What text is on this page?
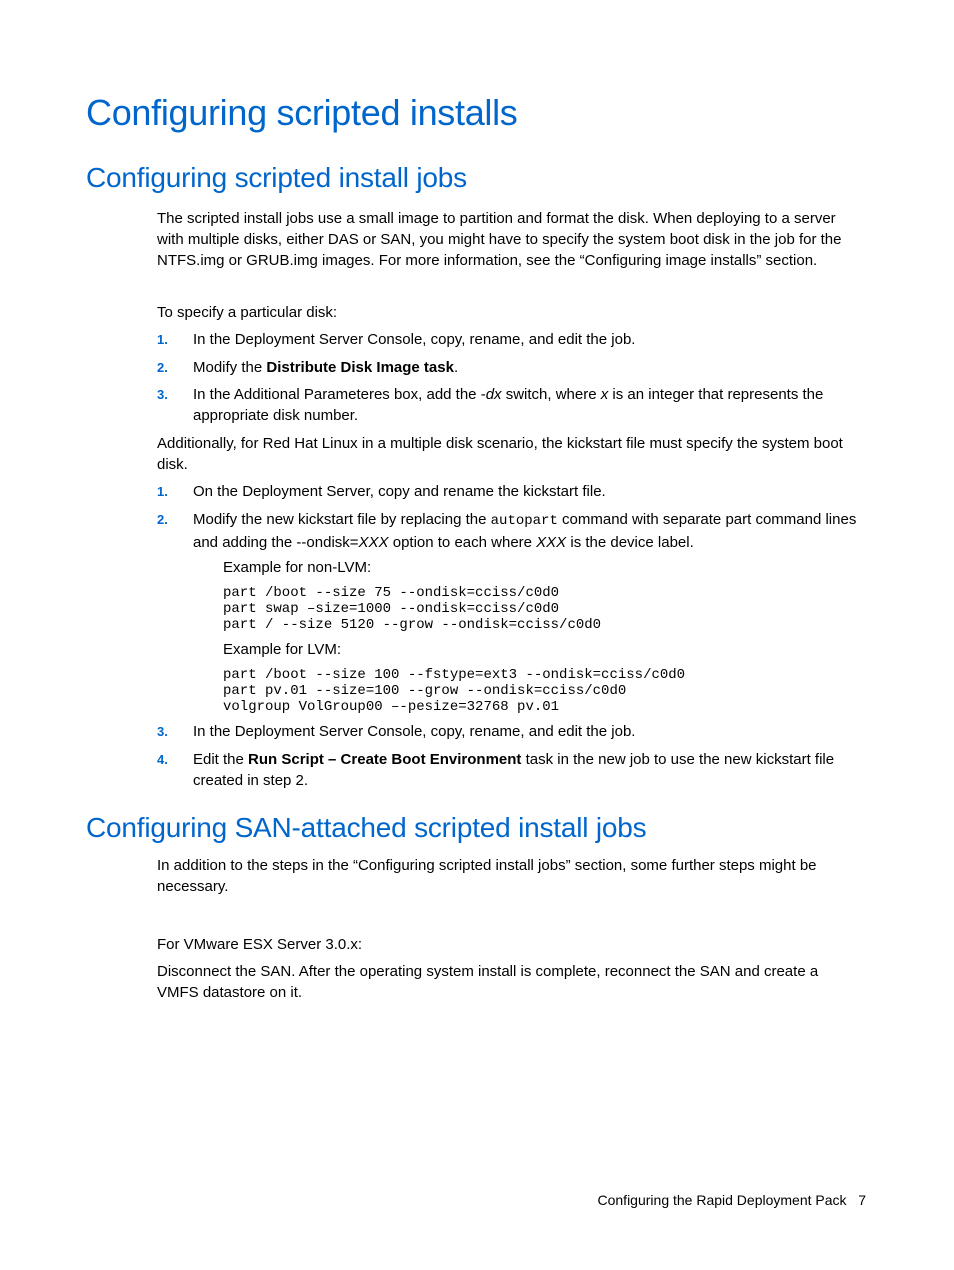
Configuring scripted installs
Configuring scripted install jobs

The scripted install jobs use a small image to partition and format the disk. When deploying to a server with multiple disks, either DAS or SAN, you might have to specify the system boot disk in the job for the NTFS.img or GRUB.img images. For more information, see the “Configuring image installs” section.

To specify a particular disk:

1. In the Deployment Server Console, copy, rename, and edit the job.
2. Modify the Distribute Disk Image task.
3. In the Additional Parameteres box, add the -dx switch, where x is an integer that represents the appropriate disk number.

Additionally, for Red Hat Linux in a multiple disk scenario, the kickstart file must specify the system boot disk.

1. On the Deployment Server, copy and rename the kickstart file.
2. Modify the new kickstart file by replacing the autopart command with separate part command lines and adding the --ondisk=XXX option to each where XXX is the device label.
Example for non-LVM:
part /boot --size 75 --ondisk=cciss/c0d0
part swap –size=1000 --ondisk=cciss/c0d0
part / --size 5120 --grow --ondisk=cciss/c0d0
Example for LVM:
part /boot --size 100 --fstype=ext3 --ondisk=cciss/c0d0
part pv.01 --size=100 --grow --ondisk=cciss/c0d0
volgroup VolGroup00 –-pesize=32768 pv.01
3. In the Deployment Server Console, copy, rename, and edit the job.
4. Edit the Run Script – Create Boot Environment task in the new job to use the new kickstart file created in step 2.
Configuring SAN-attached scripted install jobs

In addition to the steps in the “Configuring scripted install jobs” section, some further steps might be necessary.

For VMware ESX Server 3.0.x:

Disconnect the SAN. After the operating system install is complete, reconnect the SAN and create a VMFS datastore on it.

Configuring the Rapid Deployment Pack 7
